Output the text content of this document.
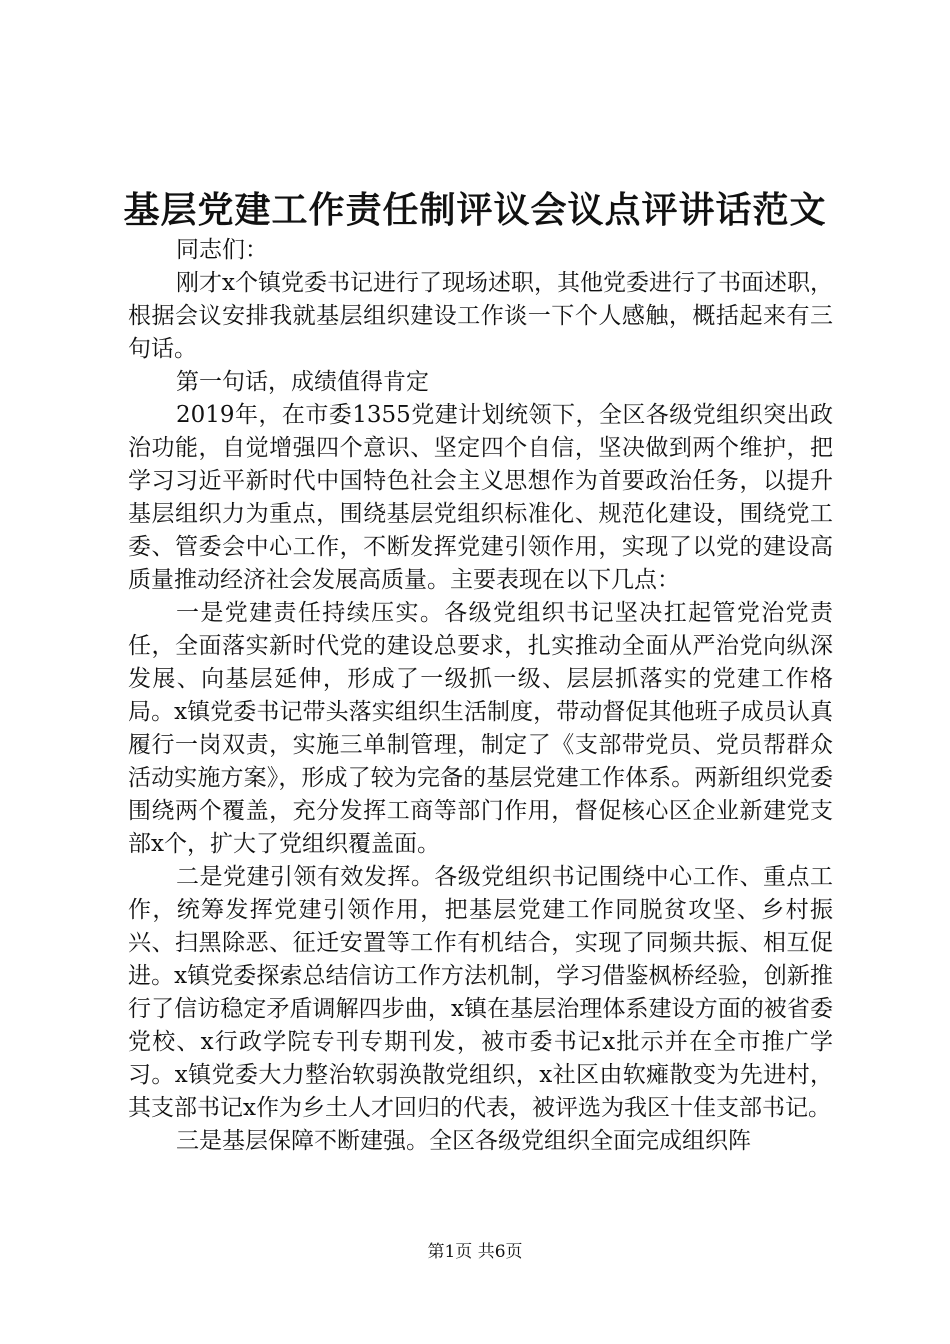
基层党建工作责任制评议会议点评讲话范文

同志们：

刚才x个镇党委书记进行了现场述职，其他党委进行了书面述职，根据会议安排我就基层组织建设工作谈一下个人感触，概括起来有三句话。

第一句话，成绩值得肯定

2019年，在市委1355党建计划统领下，全区各级党组织突出政治功能，自觉增强四个意识、坚定四个自信，坚决做到两个维护，把学习习近平新时代中国特色社会主义思想作为首要政治任务，以提升基层组织力为重点，围绕基层党组织标准化、规范化建设，围绕党工委、管委会中心工作，不断发挥党建引领作用，实现了以党的建设高质量推动经济社会发展高质量。主要表现在以下几点：

一是党建责任持续压实。各级党组织书记坚决扛起管党治党责任，全面落实新时代党的建设总要求，扎实推动全面从严治党向纵深发展、向基层延伸，形成了一级抓一级、层层抓落实的党建工作格局。x镇党委书记带头落实组织生活制度，带动督促其他班子成员认真履行一岗双责，实施三单制管理，制定了《支部带党员、党员帮群众活动实施方案》，形成了较为完备的基层党建工作体系。两新组织党委围绕两个覆盖，充分发挥工商等部门作用，督促核心区企业新建党支部x个，扩大了党组织覆盖面。

二是党建引领有效发挥。各级党组织书记围绕中心工作、重点工作，统筹发挥党建引领作用，把基层党建工作同脱贫攻坚、乡村振兴、扫黑除恶、征迁安置等工作有机结合，实现了同频共振、相互促进。x镇党委探索总结信访工作方法机制，学习借鉴枫桥经验，创新推行了信访稳定矛盾调解四步曲，x镇在基层治理体系建设方面的被省委党校、x行政学院专刊专期刊发，被市委书记x批示并在全市推广学习。x镇党委大力整治软弱涣散党组织，x社区由软瘫散变为先进村，其支部书记x作为乡土人才回归的代表，被评选为我区十佳支部书记。

三是基层保障不断建强。全区各级党组织全面完成组织阵

第1页 共6页
